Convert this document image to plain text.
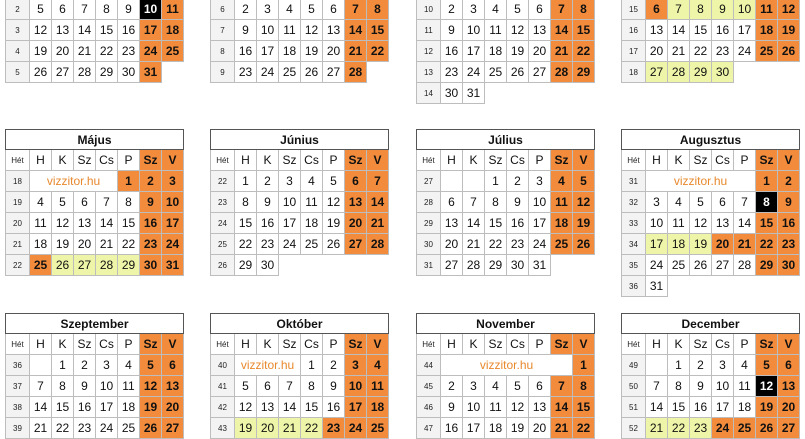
2	5	6	7	8	9	10	11
3	12	13	14	15	16	17	18
4	19	20	21	22	23	24	25
5	26	27	28	29	30	31	

6	2	3	4	5	6	7	8
7	9	10	11	12	13	14	15
8	16	17	18	19	20	21	22
9	23	24	25	26	27	28	

10	2	3	4	5	6	7	8
11	9	10	11	12	13	14	15
12	16	17	18	19	20	21	22
13	23	24	25	26	27	28	29
14	30	31					

15	6	7	8	9	10	11	12
16	13	14	15	16	17	18	19
17	20	21	22	23	24	25	26
18	27	28	29	30			
Május							
Hét	H	K	Sz	Cs	P	Sz	V
18	vizzitor.hu				1	2	3
19	4	5	6	7	8	9	10
20	11	12	13	14	15	16	17
21	18	19	20	21	22	23	24
22	25	26	27	28	29	30	31
Június							
Hét	H	K	Sz	Cs	P	Sz	V
22	1	2	3	4	5	6	7
23	8	9	10	11	12	13	14
24	15	16	17	18	19	20	21
25	22	23	24	25	26	27	28
26	29	30					
Július							
Hét	H	K	Sz	Cs	P	Sz	V
27			1	2	3	4	5
28	6	7	8	9	10	11	12
29	13	14	15	16	17	18	19
30	20	21	22	23	24	25	26
31	27	28	29	30	31		
Augusztus							
Hét	H	K	Sz	Cs	P	Sz	V
31	vizzitor.hu					1	2
32	3	4	5	6	7	8	9
33	10	11	12	13	14	15	16
34	17	18	19	20	21	22	23
35	24	25	26	27	28	29	30
36	31						
Szeptember							
Hét	H	K	Sz	Cs	P	Sz	V
36		1	2	3	4	5	6
37	7	8	9	10	11	12	13
38	14	15	16	17	18	19	20
39	21	22	23	24	25	26	27
Október							
Hét	H	K	Sz	Cs	P	Sz	V
40	vizzitor.hu			1	2	3	4
41	5	6	7	8	9	10	11
42	12	13	14	15	16	17	18
43	19	20	21	22	23	24	25
November							
Hét	H	K	Sz	Cs	P	Sz	V
44	vizzitor.hu						1
45	2	3	4	5	6	7	8
46	9	10	11	12	13	14	15
47	16	17	18	19	20	21	22
December							
Hét	H	K	Sz	Cs	P	Sz	V
49		1	2	3	4	5	6
50	7	8	9	10	11	12	13
51	14	15	16	17	18	19	20
52	21	22	23	24	25	26	27
